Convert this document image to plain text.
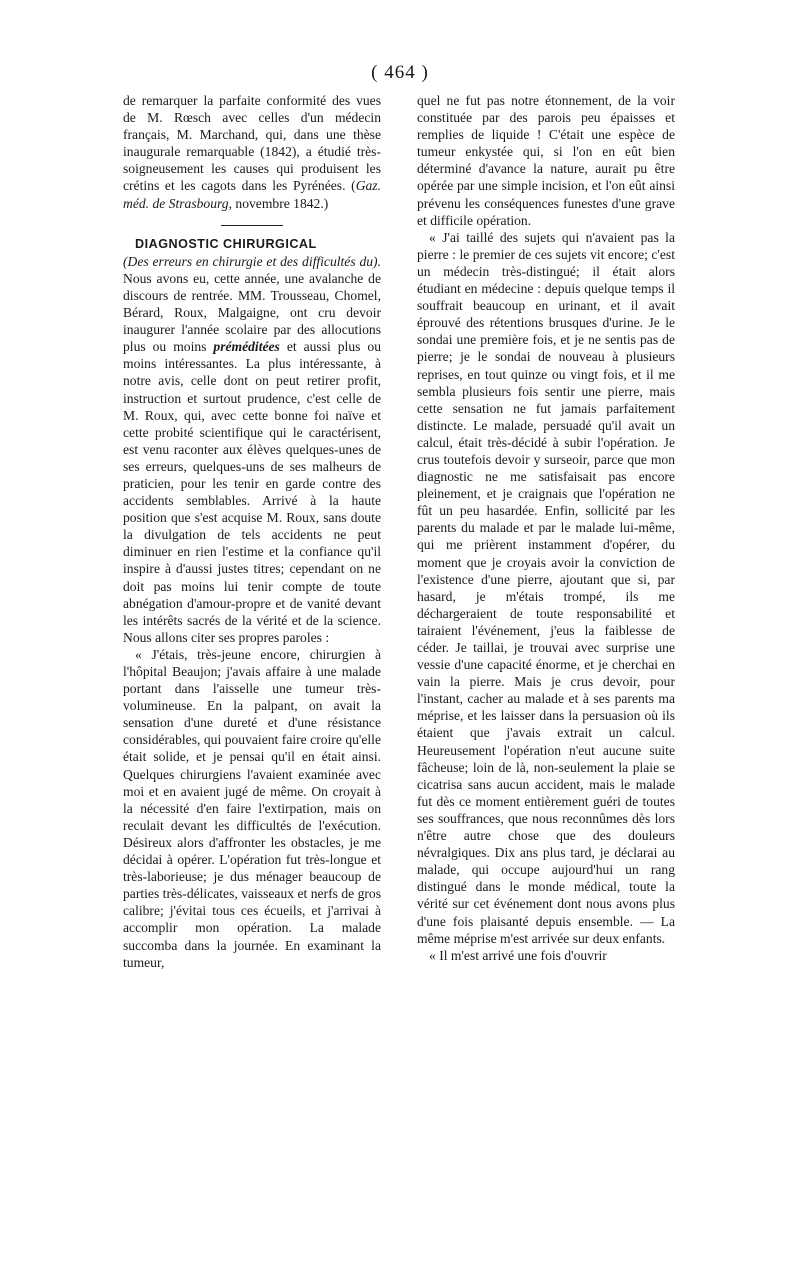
( 464 )

de remarquer la parfaite conformité des vues de M. Rœsch avec celles d'un médecin français, M. Marchand, qui, dans une thèse inaugurale remarquable (1842), a étudié très-soigneusement les causes qui produisent les crétins et les cagots dans les Pyrénées. (Gaz. méd. de Strasbourg, novembre 1842.)

DIAGNOSTIC CHIRURGICAL
(Des erreurs en chirurgie et des difficultés du). Nous avons eu, cette année, une avalanche de discours de rentrée. MM. Trousseau, Chomel, Bérard, Roux, Malgaigne, ont cru devoir inaugurer l'année scolaire par des allocutions plus ou moins préméditées et aussi plus ou moins intéressantes. La plus intéressante, à notre avis, celle dont on peut retirer profit, instruction et surtout prudence, c'est celle de M. Roux, qui, avec cette bonne foi naïve et cette probité scientifique qui le caractérisent, est venu raconter aux élèves quelques-unes de ses erreurs, quelques-uns de ses malheurs de praticien, pour les tenir en garde contre des accidents semblables. Arrivé à la haute position que s'est acquise M. Roux, sans doute la divulgation de tels accidents ne peut diminuer en rien l'estime et la confiance qu'il inspire à d'aussi justes titres; cependant on ne doit pas moins lui tenir compte de toute abnégation d'amour-propre et de vanité devant les intérêts sacrés de la vérité et de la science. Nous allons citer ses propres paroles :

« J'étais, très-jeune encore, chirurgien à l'hôpital Beaujon; j'avais affaire à une malade portant dans l'aisselle une tumeur très-volumineuse. En la palpant, on avait la sensation d'une dureté et d'une résistance considérables, qui pouvaient faire croire qu'elle était solide, et je pensai qu'il en était ainsi. Quelques chirurgiens l'avaient examinée avec moi et en avaient jugé de même. On croyait à la nécessité d'en faire l'extirpation, mais on reculait devant les difficultés de l'exécution. Désireux alors d'affronter les obstacles, je me décidai à opérer. L'opération fut très-longue et très-laborieuse; je dus ménager beaucoup de parties très-délicates, vaisseaux et nerfs de gros calibre; j'évitai tous ces écueils, et j'arrivai à accomplir mon opération. La malade succomba dans la journée. En examinant la tumeur,

quel ne fut pas notre étonnement, de la voir constituée par des parois peu épaisses et remplies de liquide ! C'était une espèce de tumeur enkystée qui, si l'on en eût bien déterminé d'avance la nature, aurait pu être opérée par une simple incision, et l'on eût ainsi prévenu les conséquences funestes d'une grave et difficile opération.

« J'ai taillé des sujets qui n'avaient pas la pierre : le premier de ces sujets vit encore; c'est un médecin très-distingué; il était alors étudiant en médecine : depuis quelque temps il souffrait beaucoup en urinant, et il avait éprouvé des rétentions brusques d'urine. Je le sondai une première fois, et je ne sentis pas de pierre; je le sondai de nouveau à plusieurs reprises, en tout quinze ou vingt fois, et il me sembla plusieurs fois sentir une pierre, mais cette sensation ne fut jamais parfaitement distincte. Le malade, persuadé qu'il avait un calcul, était très-décidé à subir l'opération. Je crus toutefois devoir y surseoir, parce que mon diagnostic ne me satisfaisait pas encore pleinement, et je craignais que l'opération ne fût un peu hasardée. Enfin, sollicité par les parents du malade et par le malade lui-même, qui me prièrent instamment d'opérer, du moment que je croyais avoir la conviction de l'existence d'une pierre, ajoutant que si, par hasard, je m'étais trompé, ils me déchargeraient de toute responsabilité et tairaient l'événement, j'eus la faiblesse de céder. Je taillai, je trouvai avec surprise une vessie d'une capacité énorme, et je cherchai en vain la pierre. Mais je crus devoir, pour l'instant, cacher au malade et à ses parents ma méprise, et les laisser dans la persuasion où ils étaient que j'avais extrait un calcul. Heureusement l'opération n'eut aucune suite fâcheuse; loin de là, non-seulement la plaie se cicatrisa sans aucun accident, mais le malade fut dès ce moment entièrement guéri de toutes ses souffrances, que nous reconnûmes dès lors n'être autre chose que des douleurs névralgiques. Dix ans plus tard, je déclarai au malade, qui occupe aujourd'hui un rang distingué dans le monde médical, toute la vérité sur cet événement dont nous avons plus d'une fois plaisanté depuis ensemble. — La même méprise m'est arrivée sur deux enfants.

« Il m'est arrivé une fois d'ouvrir
